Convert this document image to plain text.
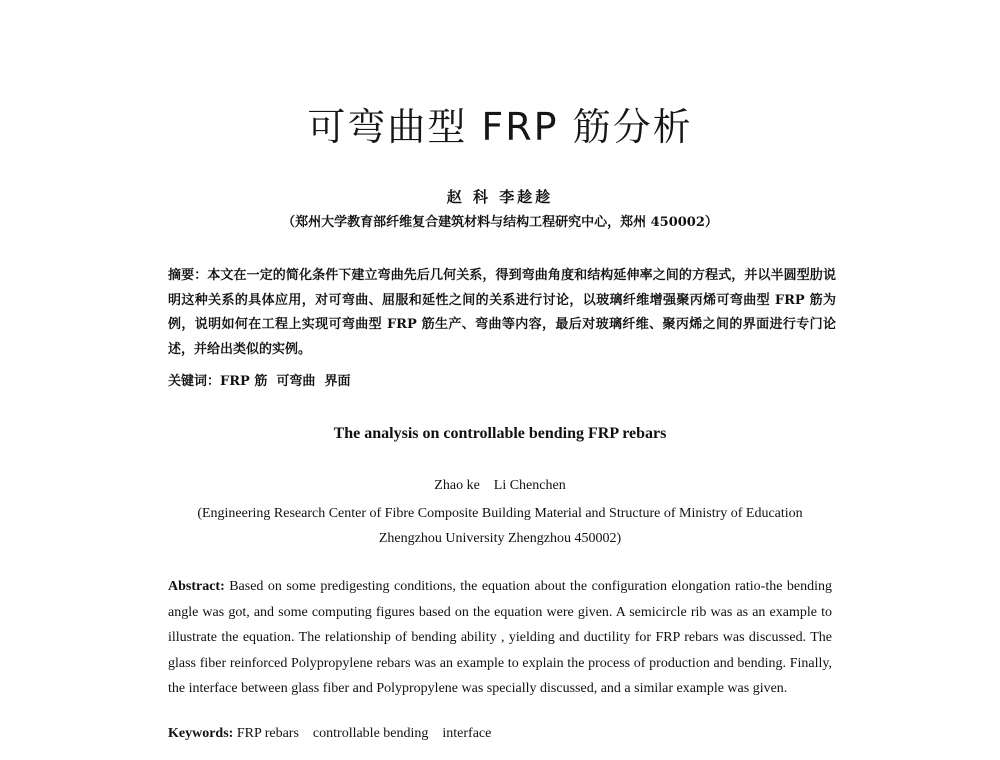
可弯曲型 FRP 筋分析
赵 科 李趁趁
（郑州大学教育部纤维复合建筑材料与结构工程研究中心，郑州 450002）

摘要：本文在一定的简化条件下建立弯曲先后几何关系，得到弯曲角度和结构延伸率之间的方程式，并以半圆型肋说明这种关系的具体应用，对可弯曲、屈服和延性之间的关系进行讨论，以玻璃纤维增强聚丙烯可弯曲型 FRP 筋为例，说明如何在工程上实现可弯曲型 FRP 筋生产、弯曲等内容，最后对玻璃纤维、聚丙烯之间的界面进行专门论述，并给出类似的实例。

关键词：FRP 筋 可弯曲 界面
The analysis on controllable bending FRP rebars
Zhao ke Li Chenchen
(Engineering Research Center of Fibre Composite Building Material and Structure of Ministry of Education
Zhengzhou University Zhengzhou 450002)

Abstract: Based on some predigesting conditions, the equation about the configuration elongation ratio-the bending angle was got, and some computing figures based on the equation were given. A semicircle rib was as an example to illustrate the equation. The relationship of bending ability , yielding and ductility for FRP rebars was discussed. The glass fiber reinforced Polypropylene rebars was an example to explain the process of production and bending. Finally, the interface between glass fiber and Polypropylene was specially discussed, and a similar example was given.

Keywords: FRP rebars controllable bending interface
